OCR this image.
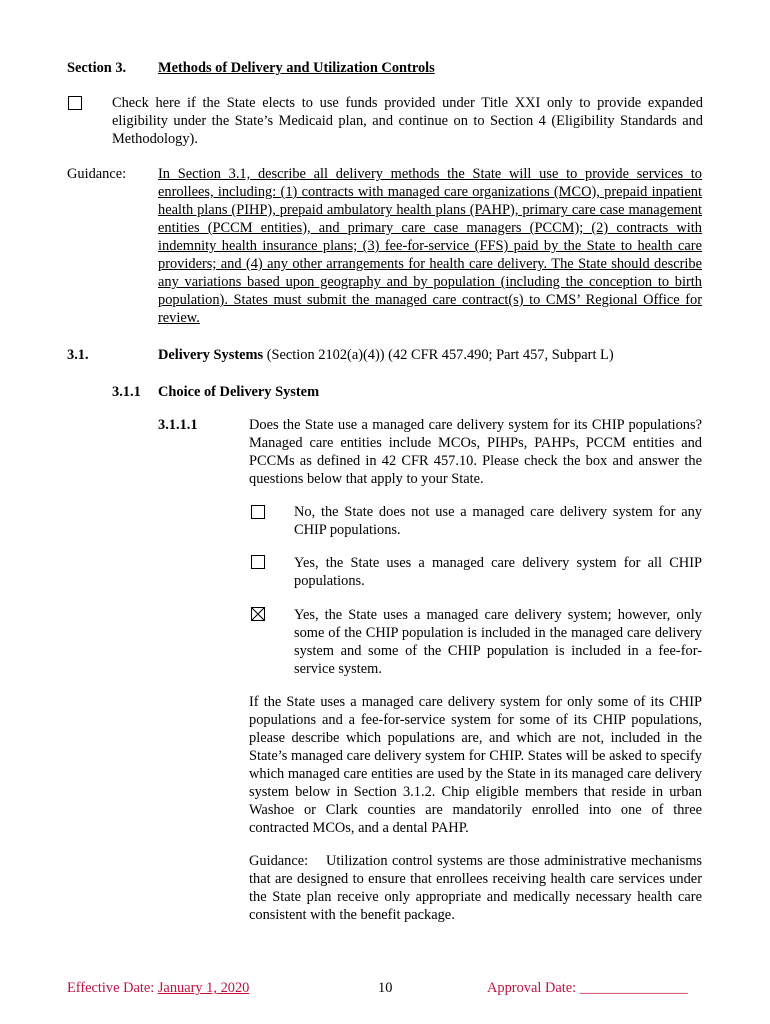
Section 3. Methods of Delivery and Utilization Controls
Check here if the State elects to use funds provided under Title XXI only to provide expanded eligibility under the State’s Medicaid plan, and continue on to Section 4 (Eligibility Standards and Methodology).
Guidance: In Section 3.1, describe all delivery methods the State will use to provide services to enrollees, including: (1) contracts with managed care organizations (MCO), prepaid inpatient health plans (PIHP), prepaid ambulatory health plans (PAHP), primary care case management entities (PCCM entities), and primary care case managers (PCCM); (2) contracts with indemnity health insurance plans; (3) fee-for-service (FFS) paid by the State to health care providers; and (4) any other arrangements for health care delivery. The State should describe any variations based upon geography and by population (including the conception to birth population). States must submit the managed care contract(s) to CMS’ Regional Office for review.
3.1.	Delivery Systems (Section 2102(a)(4)) (42 CFR 457.490; Part 457, Subpart L)
3.1.1 Choice of Delivery System
3.1.1.1	Does the State use a managed care delivery system for its CHIP populations? Managed care entities include MCOs, PIHPs, PAHPs, PCCM entities and PCCMs as defined in 42 CFR 457.10. Please check the box and answer the questions below that apply to your State.
No, the State does not use a managed care delivery system for any CHIP populations.
Yes, the State uses a managed care delivery system for all CHIP populations.
Yes, the State uses a managed care delivery system; however, only some of the CHIP population is included in the managed care delivery system and some of the CHIP population is included in a fee-for-service system.
If the State uses a managed care delivery system for only some of its CHIP populations and a fee-for-service system for some of its CHIP populations, please describe which populations are, and which are not, included in the State’s managed care delivery system for CHIP. States will be asked to specify which managed care entities are used by the State in its managed care delivery system below in Section 3.1.2. Chip eligible members that reside in urban Washoe or Clark counties are mandatorily enrolled into one of three contracted MCOs, and a dental PAHP.
Guidance:    Utilization control systems are those administrative mechanisms that are designed to ensure that enrollees receiving health care services under the State plan receive only appropriate and medically necessary health care consistent with the benefit package.
Effective Date: January 1, 2020	10	Approval Date: _______________
